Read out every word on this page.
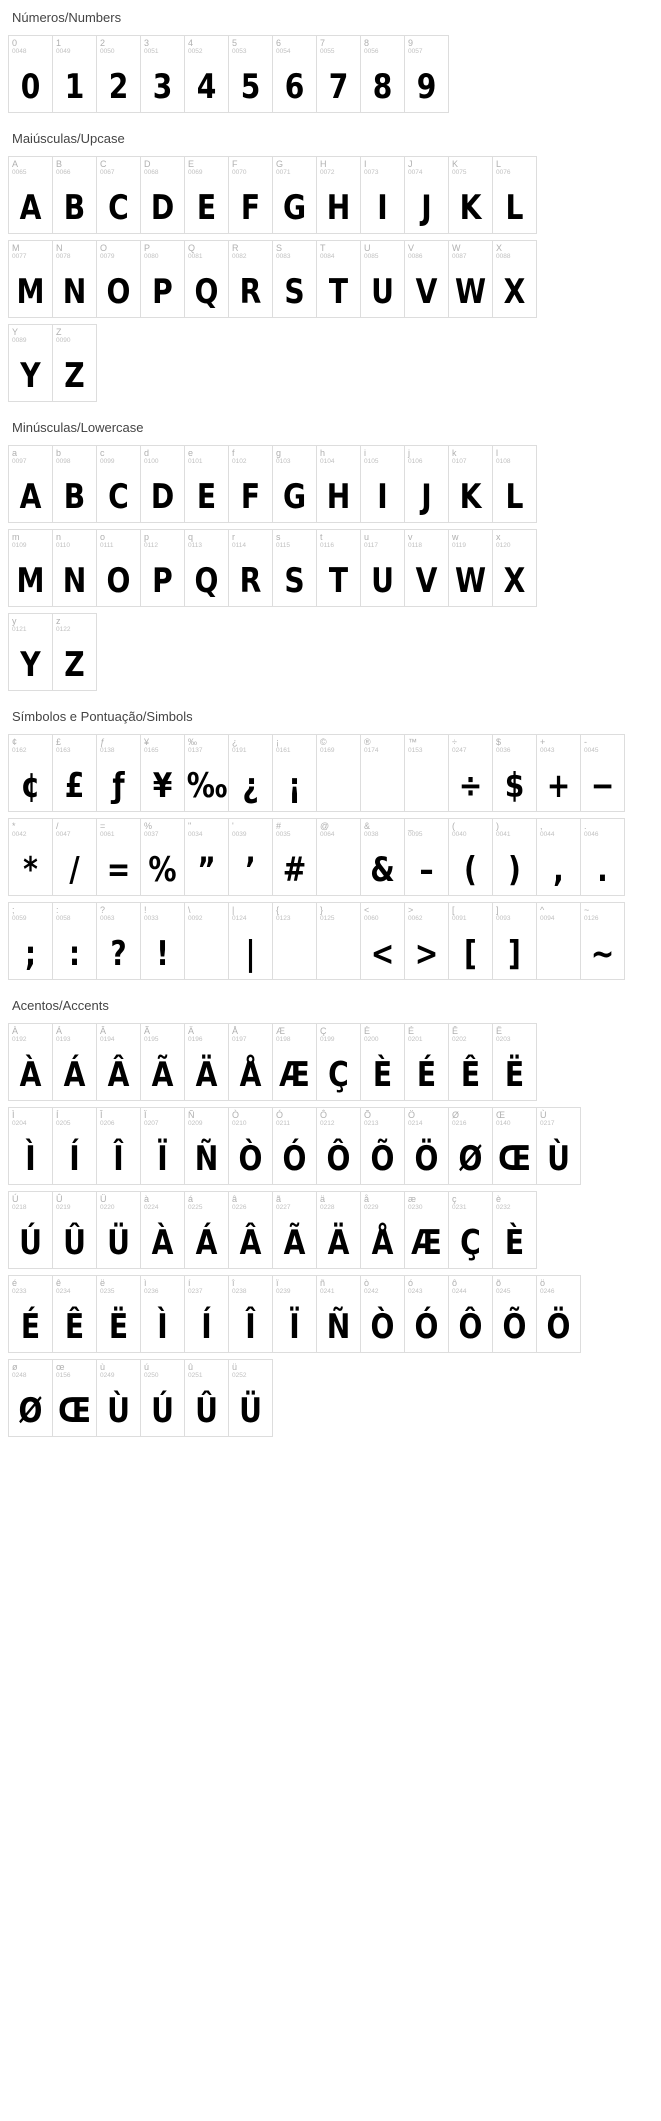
Números/Numbers
0
0048
0
1
0049
1
2
0050
2
3
0051
3
4
0052
4
5
0053
5
6
0054
6
7
0055
7
8
0056
8
9
0057
9
Maiúsculas/Upcase
A
0065
A
B
0066
B
C
0067
C
D
0068
D
E
0069
E
F
0070
F
G
0071
G
H
0072
H
I
0073
I
J
0074
J
K
0075
K
L
0076
L
M
0077
M
N
0078
N
O
0079
O
P
0080
P
Q
0081
Q
R
0082
R
S
0083
S
T
0084
T
U
0085
U
V
0086
V
W
0087
W
X
0088
X
Y
0089
Y
Z
0090
Z
Minúsculas/Lowercase
a
0097
A
b
0098
B
c
0099
C
d
0100
D
e
0101
E
f
0102
F
g
0103
G
h
0104
H
i
0105
I
j
0106
J
k
0107
K
l
0108
L
m
0109
M
n
0110
N
o
0111
O
p
0112
P
q
0113
Q
r
0114
R
s
0115
S
t
0116
T
u
0117
U
v
0118
V
w
0119
W
x
0120
X
y
0121
Y
z
0122
Z
Símbolos e Pontuação/Simbols
¢
0162
¢
£
0163
£
ƒ
0138
ƒ
¥
0165
¥
‰
0137
‰
¿
0191
¿
¡
0161
¡
©
0169
®
0174
™
0153
÷
0247
÷
$
0036
$
+
0043
+
-
0045
−
*
0042
*
/
0047
/
=
0061
=
%
0037
%
"
0034
”
'
0039
’
#
0035
#
@
0064
&
0038
&
_
0095
–
(
0040
(
)
0041
)
,
0044
,
.
0046
.
;
0059
;
:
0058
:
?
0063
?
!
0033
!
\
0092
|
0124
|
{
0123
}
0125
<
0060
<
>
0062
>
[
0091
[
]
0093
]
^
0094
~
0126
~
Acentos/Accents
À
0192
À
Á
0193
Á
Â
0194
Â
Ã
0195
Ã
Ä
0196
Ä
Å
0197
Å
Æ
0198
Æ
Ç
0199
Ç
È
0200
È
É
0201
É
Ê
0202
Ê
Ë
0203
Ë
Ì
0204
Ì
Í
0205
Í
Î
0206
Î
Ï
0207
Ï
Ñ
0209
Ñ
Ò
0210
Ò
Ó
0211
Ó
Ô
0212
Ô
Õ
0213
Õ
Ö
0214
Ö
Ø
0216
Ø
Œ
0140
Œ
Ù
0217
Ù
Ú
0218
Ú
Û
0219
Û
Ü
0220
Ü
à
0224
À
á
0225
Á
â
0226
Â
ã
0227
Ã
ä
0228
Ä
å
0229
Å
æ
0230
Æ
ç
0231
Ç
è
0232
È
é
0233
É
ê
0234
Ê
ë
0235
Ë
ì
0236
Ì
í
0237
Í
î
0238
Î
ï
0239
Ï
ñ
0241
Ñ
ò
0242
Ò
ó
0243
Ó
ô
0244
Ô
õ
0245
Õ
ö
0246
Ö
ø
0248
Ø
œ
0156
Œ
ù
0249
Ù
ú
0250
Ú
û
0251
Û
ü
0252
Ü
